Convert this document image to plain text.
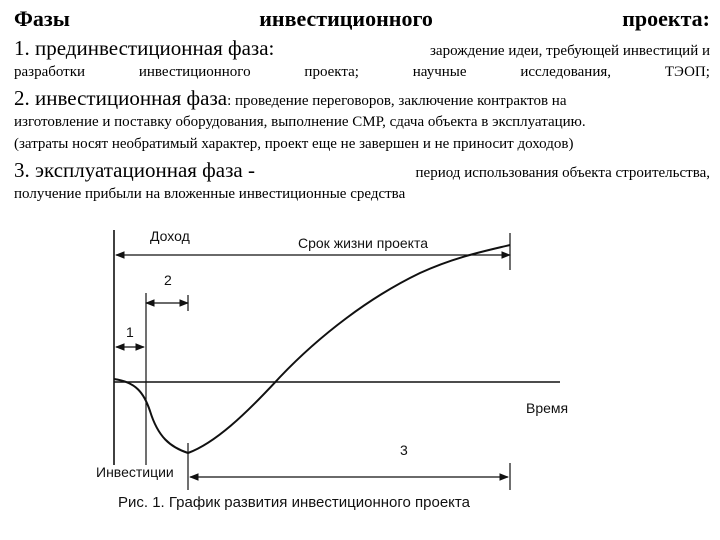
Фазы	инвестиционного	проекта:
1. прединвестиционная фаза:	зарождение идеи, требующей инвестиций и
разработки	инвестиционного	проекта;	научные	исследования,	ТЭОП;
2. инвестиционная фаза : проведение переговоров, заключение контрактов на
изготовление и поставку оборудования, выполнение СМР, сдача объекта в эксплуатацию.
(затраты носят необратимый характер, проект еще не завершен и не приносит доходов)
3. эксплуатационная фаза -	период использования объекта строительства,
получение прибыли на вложенные инвестиционные средства
Доход	Срок жизни проекта
2
1
Время
3
Инвестиции
Рис. 1. График развития инвестиционного проекта
